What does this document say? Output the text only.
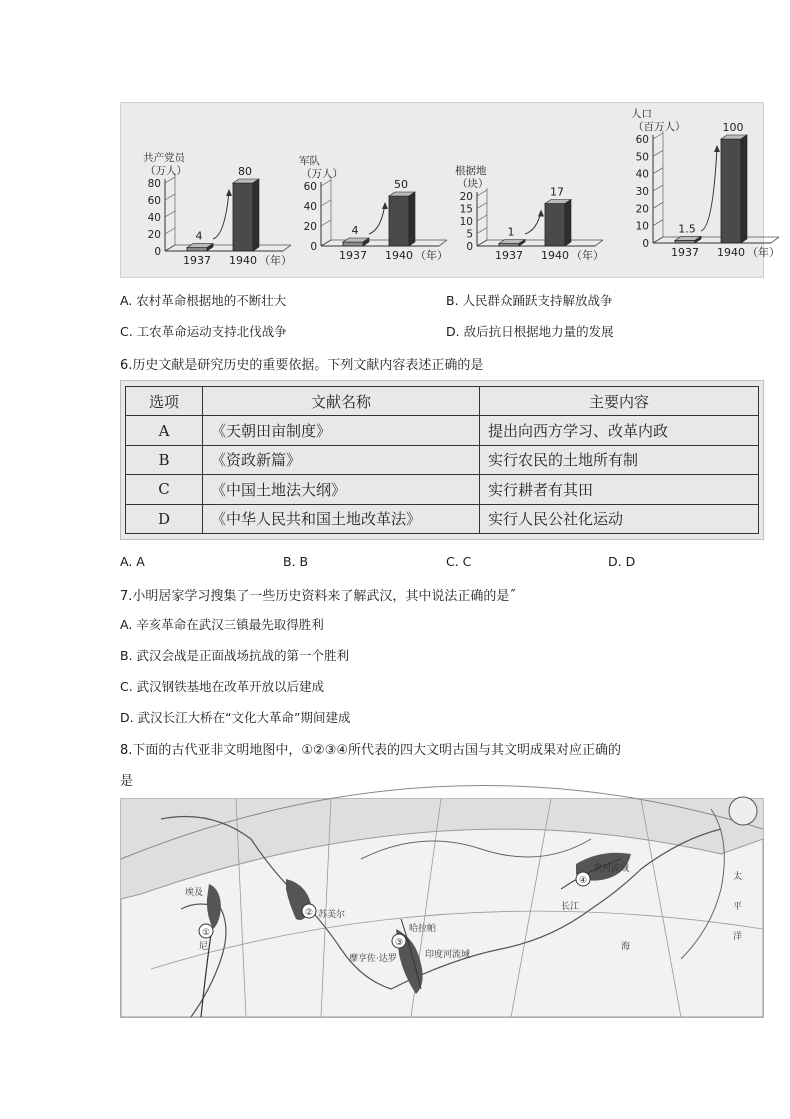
共产党员
（万人）
0
20
40
60
80
4
1937
80
1940 （年）
军队
（万人）
0
20
40
60
4
1937
50
1940 （年）
根据地
（块）
0
5
10
15
20
1
1937
17
1940 （年）
人口
（百万人）
0
10
20
30
40
50
60
1.5
1937
100
1940 （年）
A. 农村革命根据地的不断壮大	B. 人民群众踊跃支持解放战争
C. 工农革命运动支持北伐战争	D. 敌后抗日根据地力量的发展
6.历史文献是研究历史的重要依据。下列文献内容表述正确的是
选项	文献名称	主要内容
A	《天朝田亩制度》	提出向西方学习、改革内政
B	《资政新篇》	实行农民的土地所有制
C	《中国土地法大纲》	实行耕者有其田
D	《中华人民共和国土地改革法》	实行人民公社化运动
A. A	B. B	C. C	D. D
7.小明居家学习搜集了一些历史资料来了解武汉，其中说法正确的是˝
A. 辛亥革命在武汉三镇最先取得胜利
B. 武汉会战是正面战场抗战的第一个胜利
C. 武汉钢铁基地在改革开放以后建成
D. 武汉长江大桥在“文化大革命”期间建成
8.下面的古代亚非文明地图中，①②③④所代表的四大文明古国与其文明成果对应正确的
是
①
②
③
④
埃及
尼
苏美尔
哈拉帕
摩亨佐·达罗	印度河流域
黄河流域
长江
海
太
平
洋
